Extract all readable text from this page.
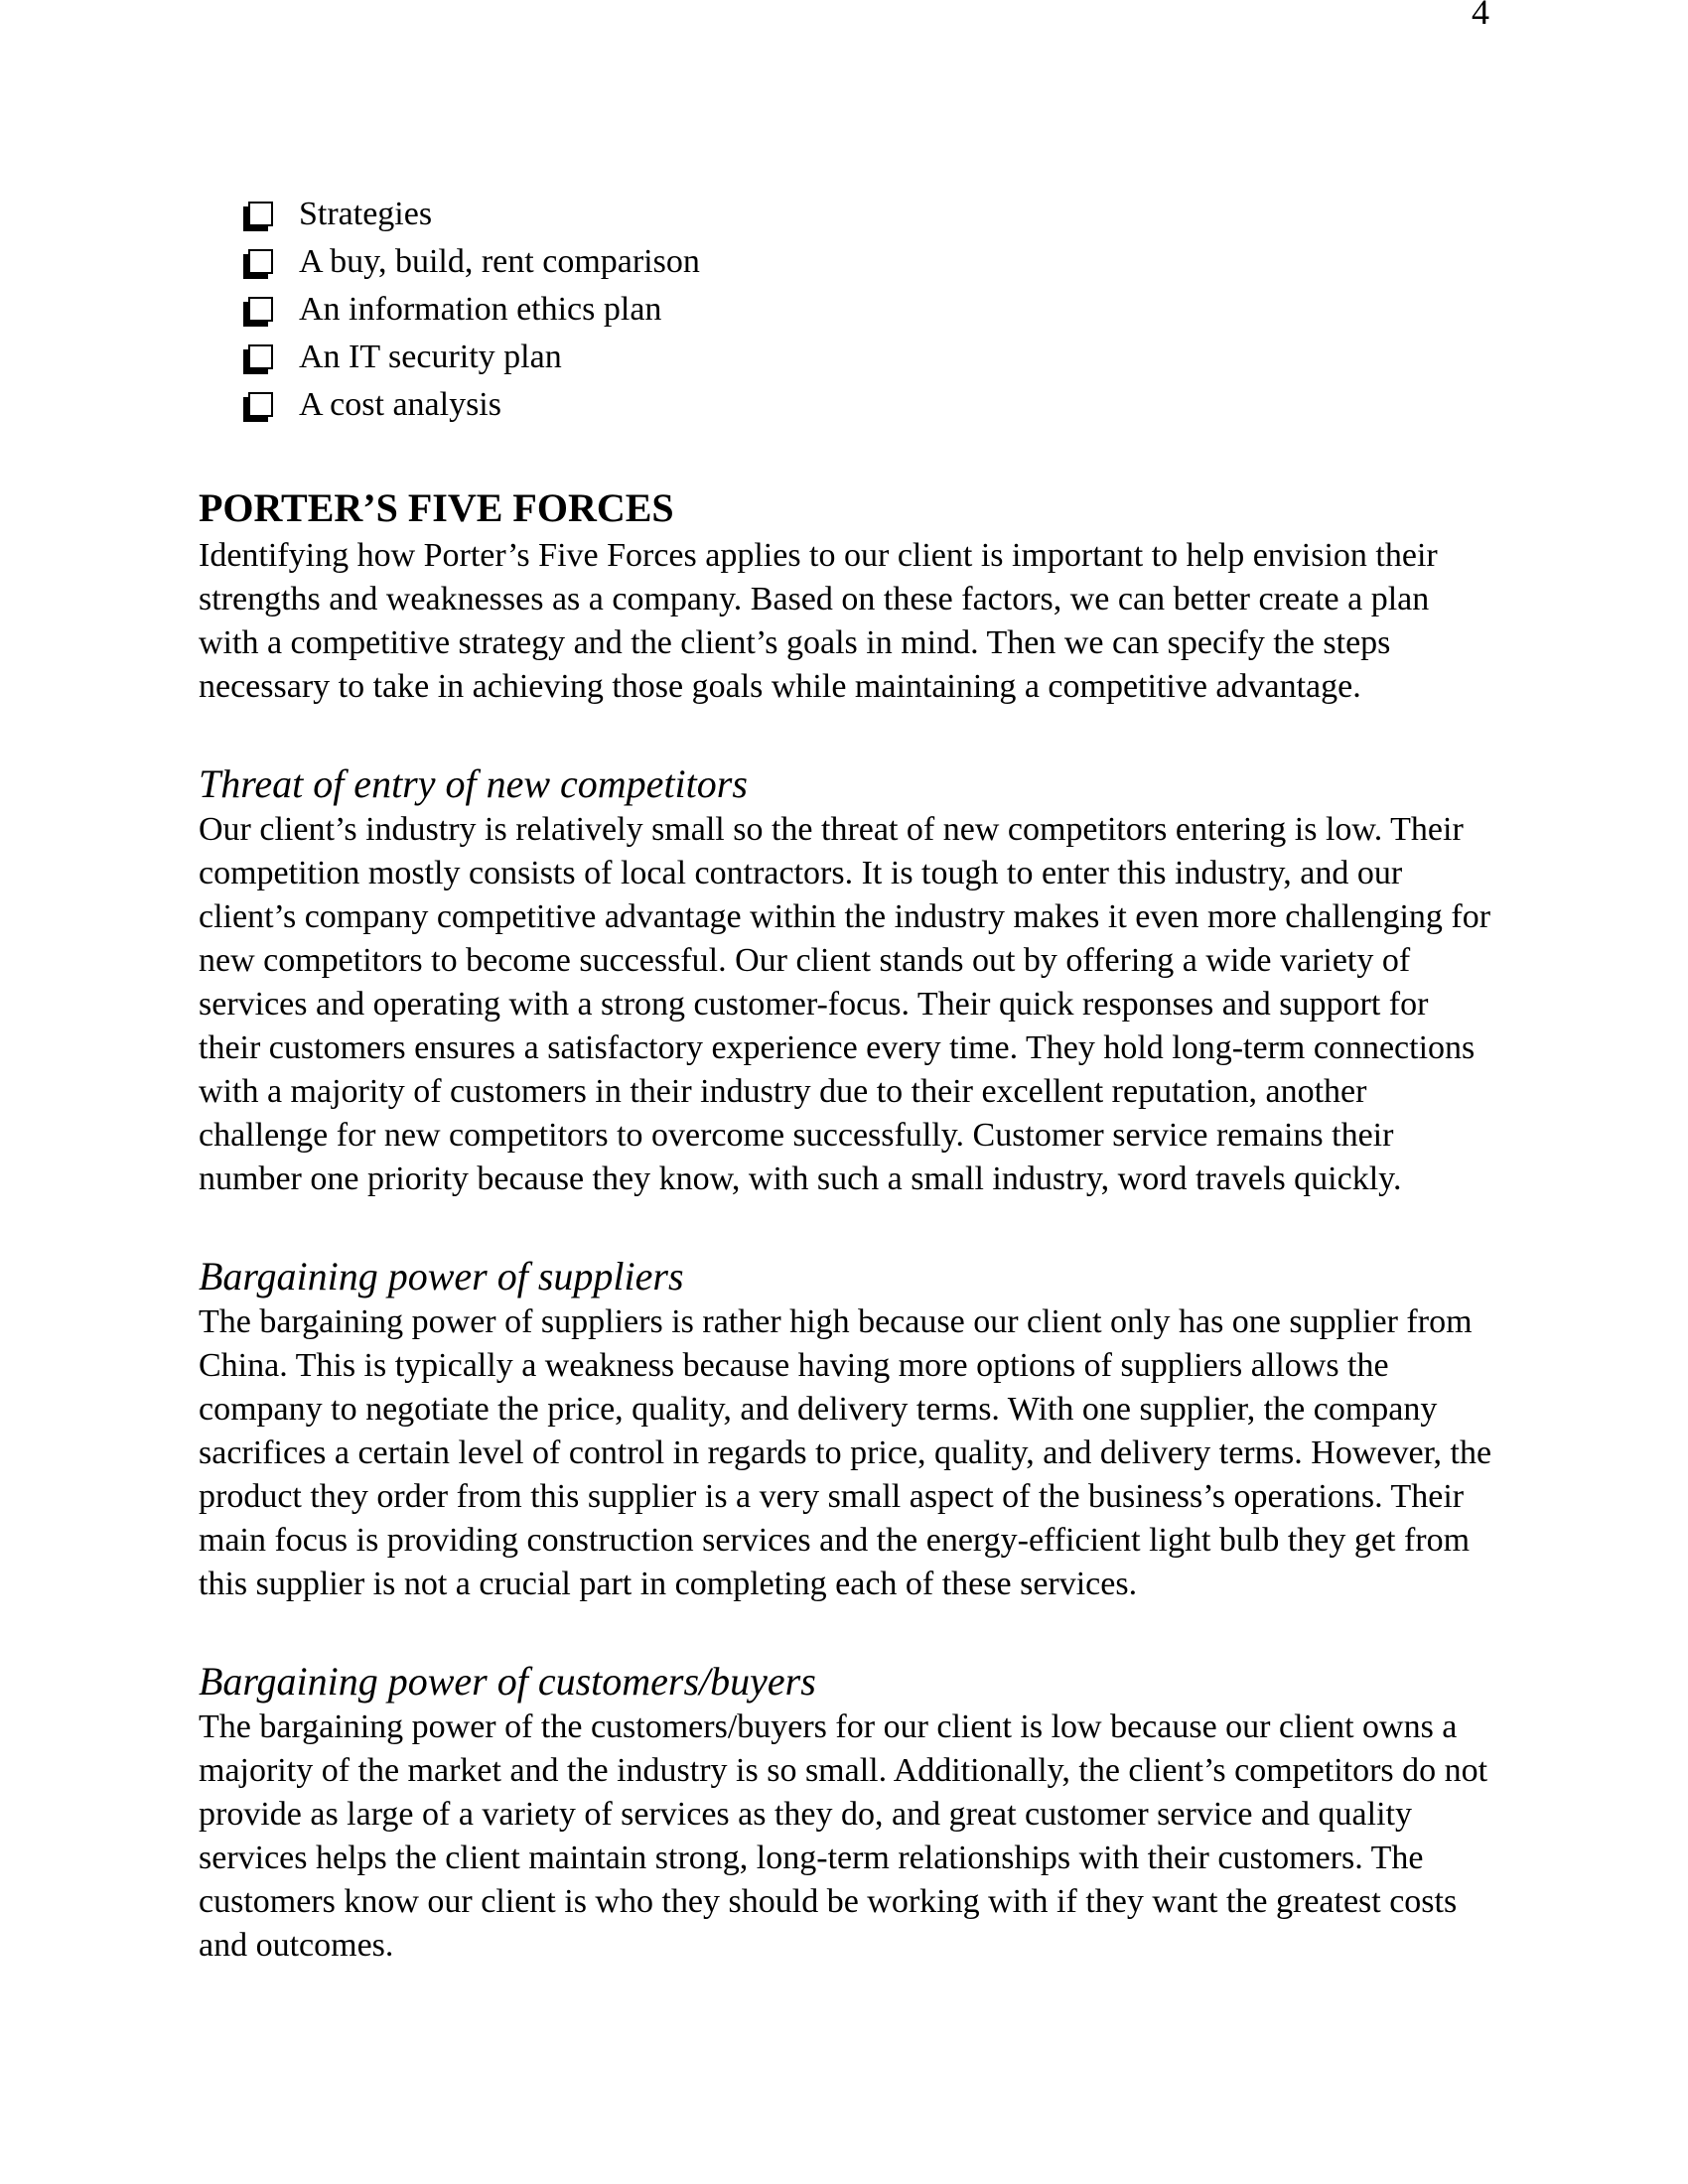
4
Strategies
A buy, build, rent comparison
An information ethics plan
An IT security plan
A cost analysis
PORTER’S FIVE FORCES

Identifying how Porter’s Five Forces applies to our client is important to help envision their strengths and weaknesses as a company. Based on these factors, we can better create a plan with a competitive strategy and the client’s goals in mind. Then we can specify the steps necessary to take in achieving those goals while maintaining a competitive advantage.

Threat of entry of new competitors

Our client’s industry is relatively small so the threat of new competitors entering is low. Their competition mostly consists of local contractors. It is tough to enter this industry, and our client’s company competitive advantage within the industry makes it even more challenging for new competitors to become successful. Our client stands out by offering a wide variety of services and operating with a strong customer-focus. Their quick responses and support for their customers ensures a satisfactory experience every time. They hold long-term connections with a majority of customers in their industry due to their excellent reputation, another challenge for new competitors to overcome successfully. Customer service remains their number one priority because they know, with such a small industry, word travels quickly.

Bargaining power of suppliers

The bargaining power of suppliers is rather high because our client only has one supplier from China. This is typically a weakness because having more options of suppliers allows the company to negotiate the price, quality, and delivery terms. With one supplier, the company sacrifices a certain level of control in regards to price, quality, and delivery terms. However, the product they order from this supplier is a very small aspect of the business’s operations. Their main focus is providing construction services and the energy-efficient light bulb they get from this supplier is not a crucial part in completing each of these services.

Bargaining power of customers/buyers

The bargaining power of the customers/buyers for our client is low because our client owns a majority of the market and the industry is so small. Additionally, the client’s competitors do not provide as large of a variety of services as they do, and great customer service and quality services helps the client maintain strong, long-term relationships with their customers. The customers know our client is who they should be working with if they want the greatest costs and outcomes.
